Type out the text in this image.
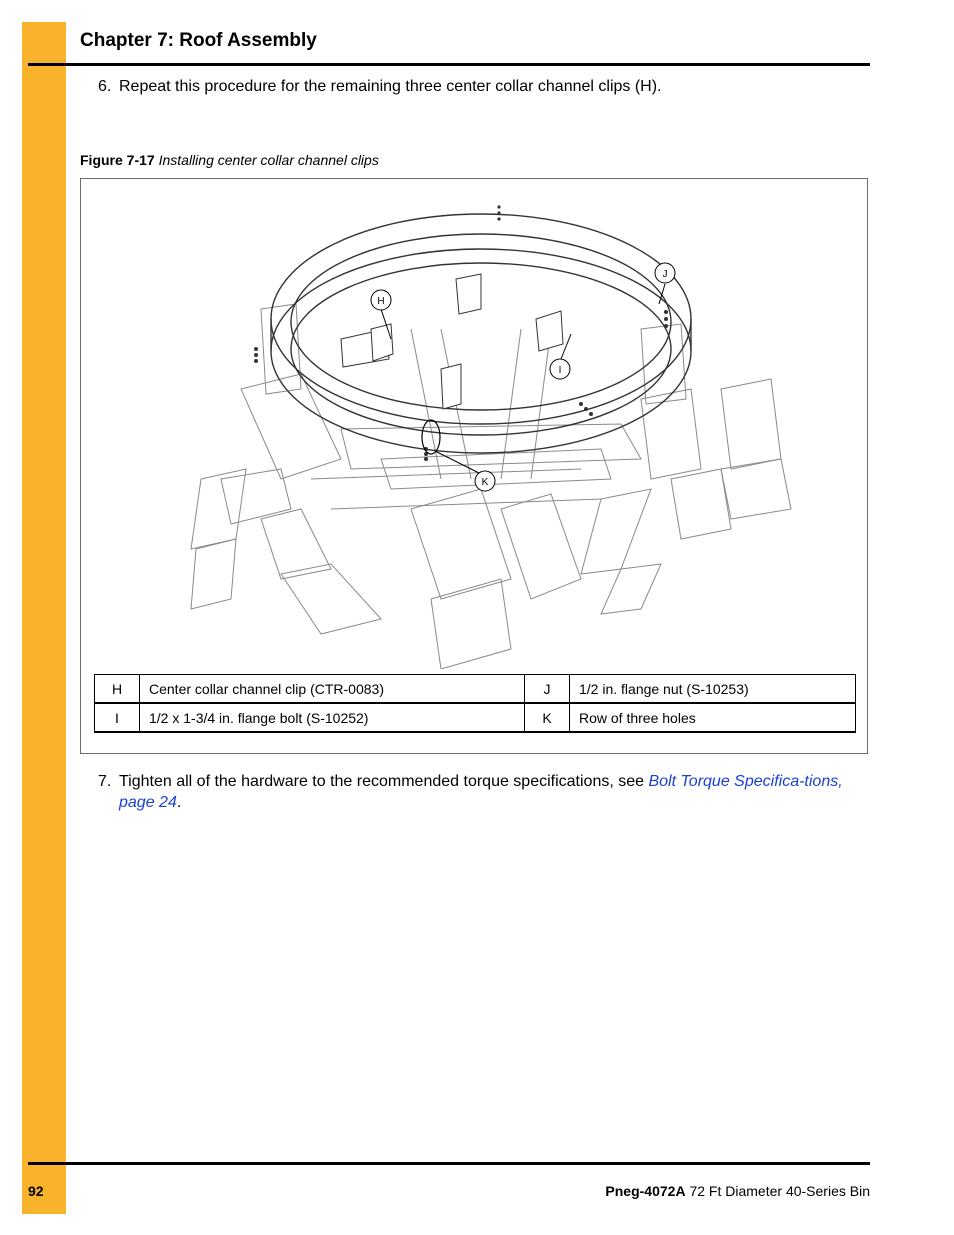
Chapter 7: Roof Assembly
6. Repeat this procedure for the remaining three center collar channel clips (H).
Figure 7-17 Installing center collar channel clips
H
I
J
K
H	Center collar channel clip (CTR-0083)	J	1/2 in. flange nut (S-10253)
I	1/2 x 1-3/4 in. flange bolt (S-10252)	K	Row of three holes
7. Tighten all of the hardware to the recommended torque specifications, see Bolt Torque Specifica-tions, page 24.
92	Pneg-4072A 72 Ft Diameter 40-Series Bin
